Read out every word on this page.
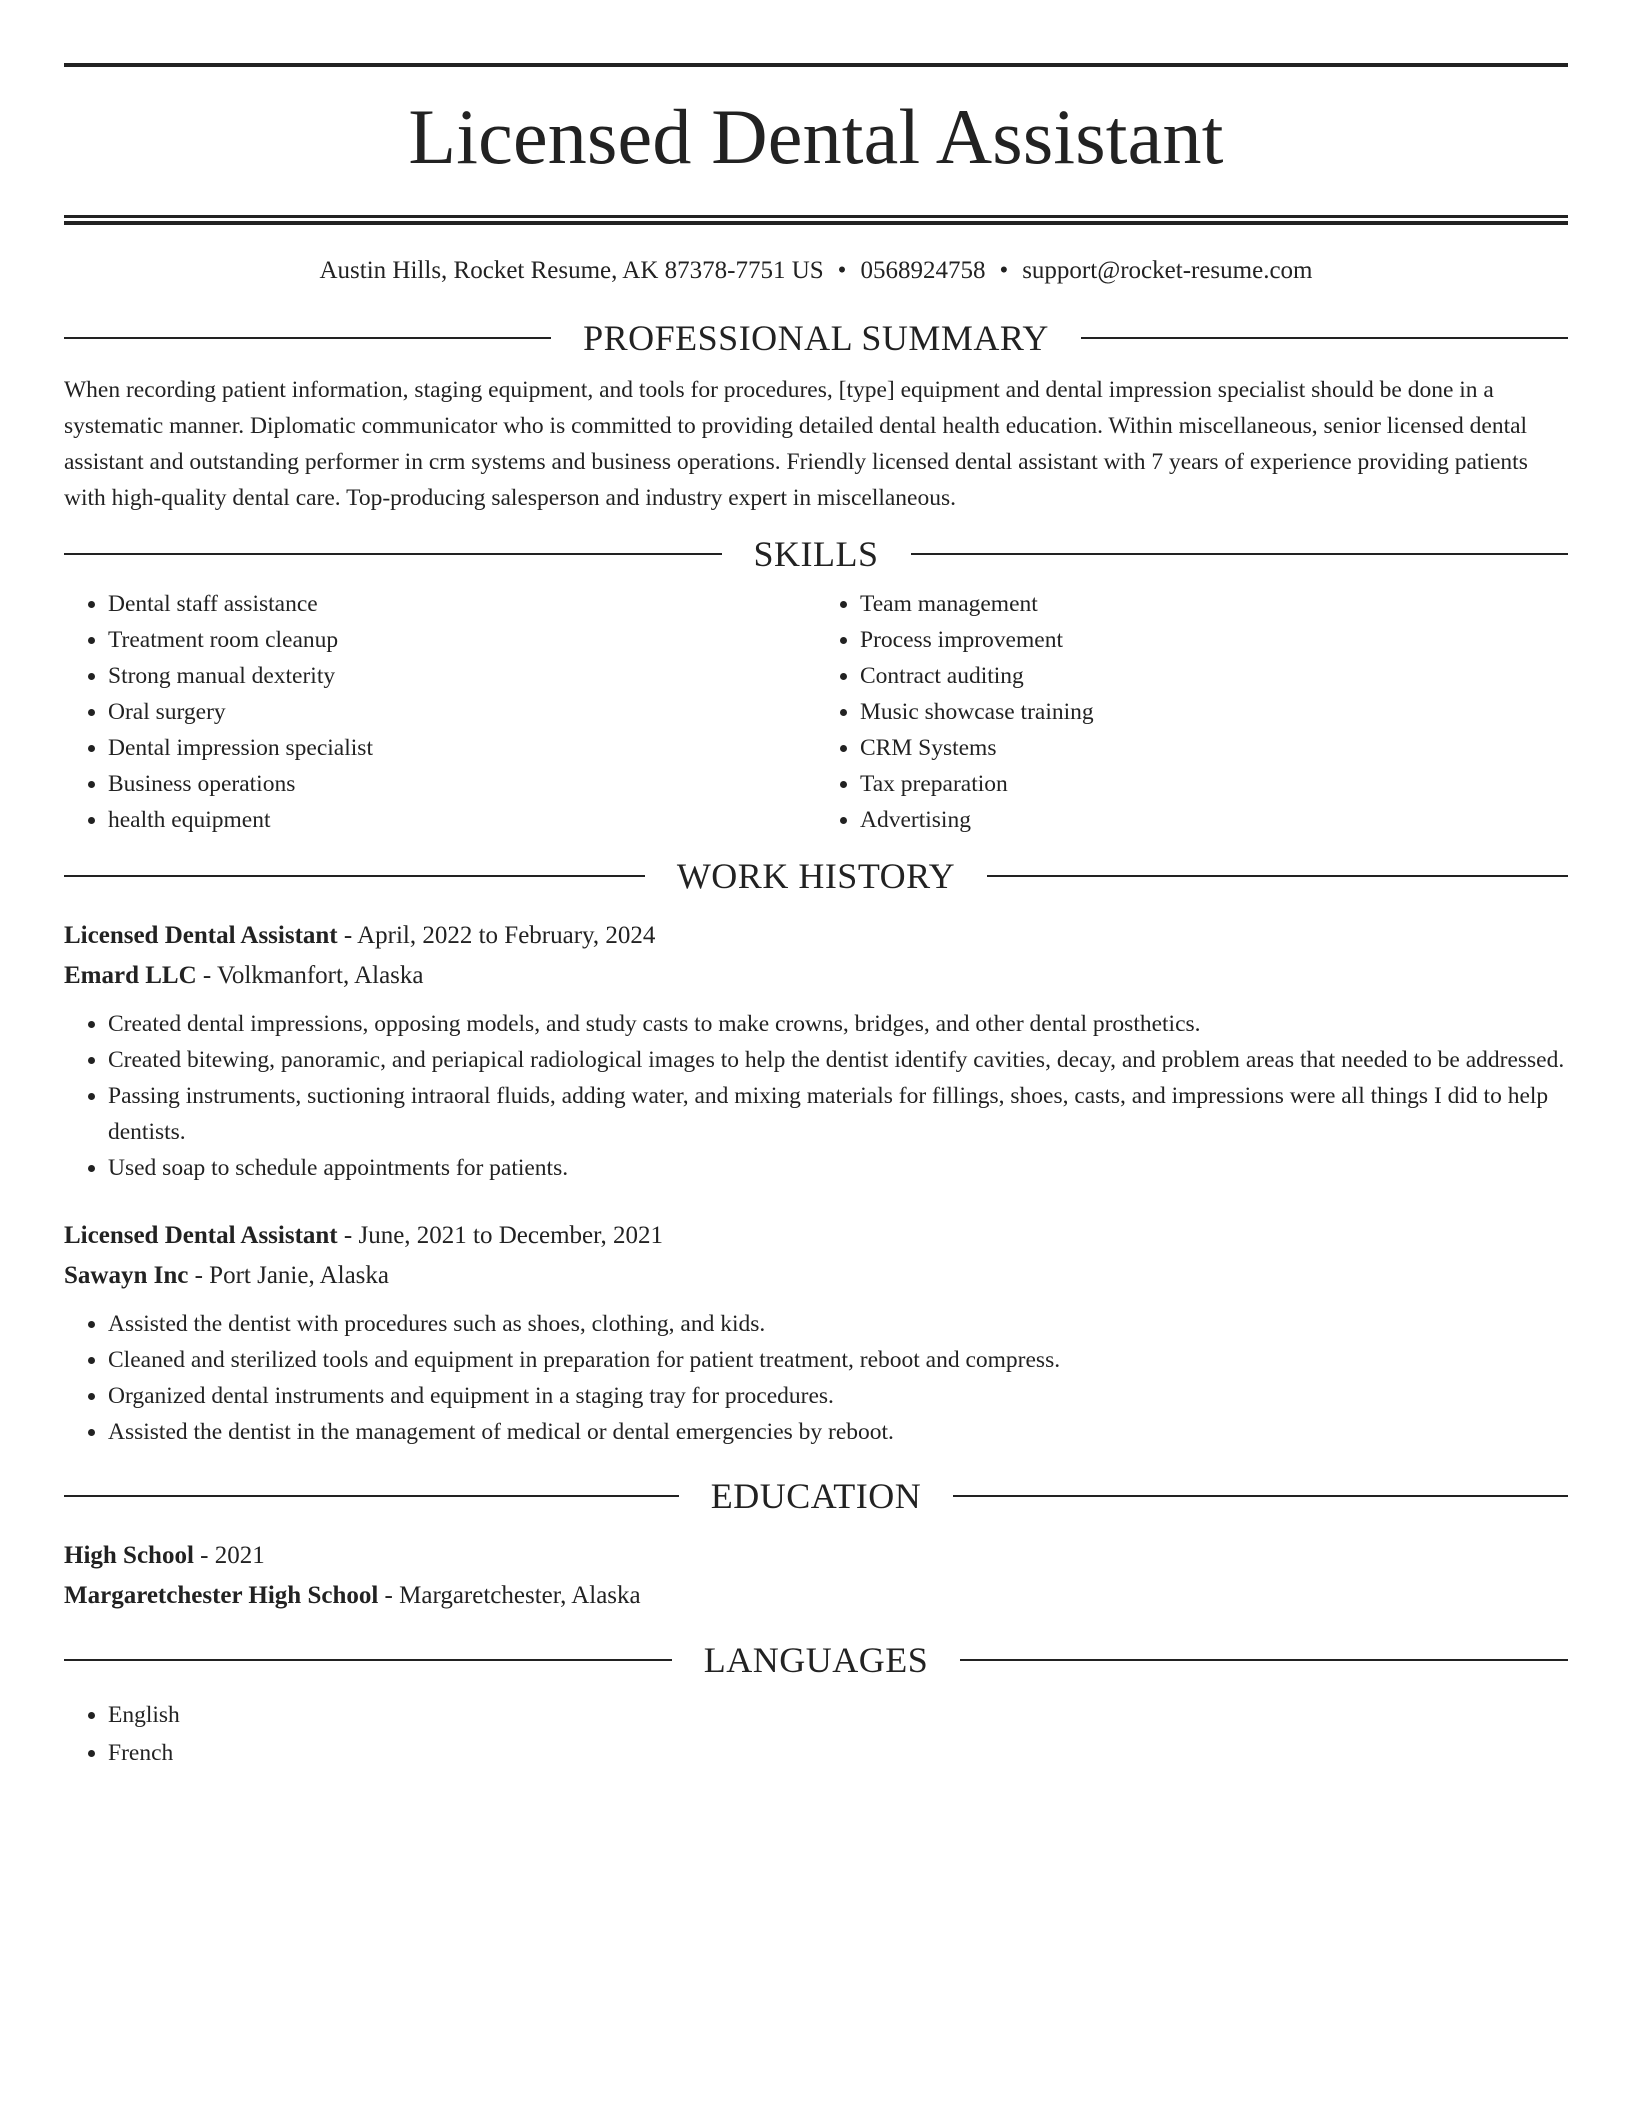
Licensed Dental Assistant
Austin Hills, Rocket Resume, AK 87378-7751 US • 0568924758 • support@rocket-resume.com
PROFESSIONAL SUMMARY

When recording patient information, staging equipment, and tools for procedures, [type] equipment and dental impression specialist should be done in a systematic manner. Diplomatic communicator who is committed to providing detailed dental health education. Within miscellaneous, senior licensed dental assistant and outstanding performer in crm systems and business operations. Friendly licensed dental assistant with 7 years of experience providing patients with high-quality dental care. Top-producing salesperson and industry expert in miscellaneous.

SKILLS
• Dental staff assistance
• Treatment room cleanup
• Strong manual dexterity
• Oral surgery
• Dental impression specialist
• Business operations
• health equipment
• Team management
• Process improvement
• Contract auditing
• Music showcase training
• CRM Systems
• Tax preparation
• Advertising
WORK HISTORY
Licensed Dental Assistant - April, 2022 to February, 2024
Emard LLC - Volkmanfort, Alaska
• Created dental impressions, opposing models, and study casts to make crowns, bridges, and other dental prosthetics.
• Created bitewing, panoramic, and periapical radiological images to help the dentist identify cavities, decay, and problem areas that needed to be addressed.
• Passing instruments, suctioning intraoral fluids, adding water, and mixing materials for fillings, shoes, casts, and impressions were all things I did to help dentists.
• Used soap to schedule appointments for patients.
Licensed Dental Assistant - June, 2021 to December, 2021
Sawayn Inc - Port Janie, Alaska
• Assisted the dentist with procedures such as shoes, clothing, and kids.
• Cleaned and sterilized tools and equipment in preparation for patient treatment, reboot and compress.
• Organized dental instruments and equipment in a staging tray for procedures.
• Assisted the dentist in the management of medical or dental emergencies by reboot.
EDUCATION
High School - 2021
Margaretchester High School - Margaretchester, Alaska
LANGUAGES
• English
• French
